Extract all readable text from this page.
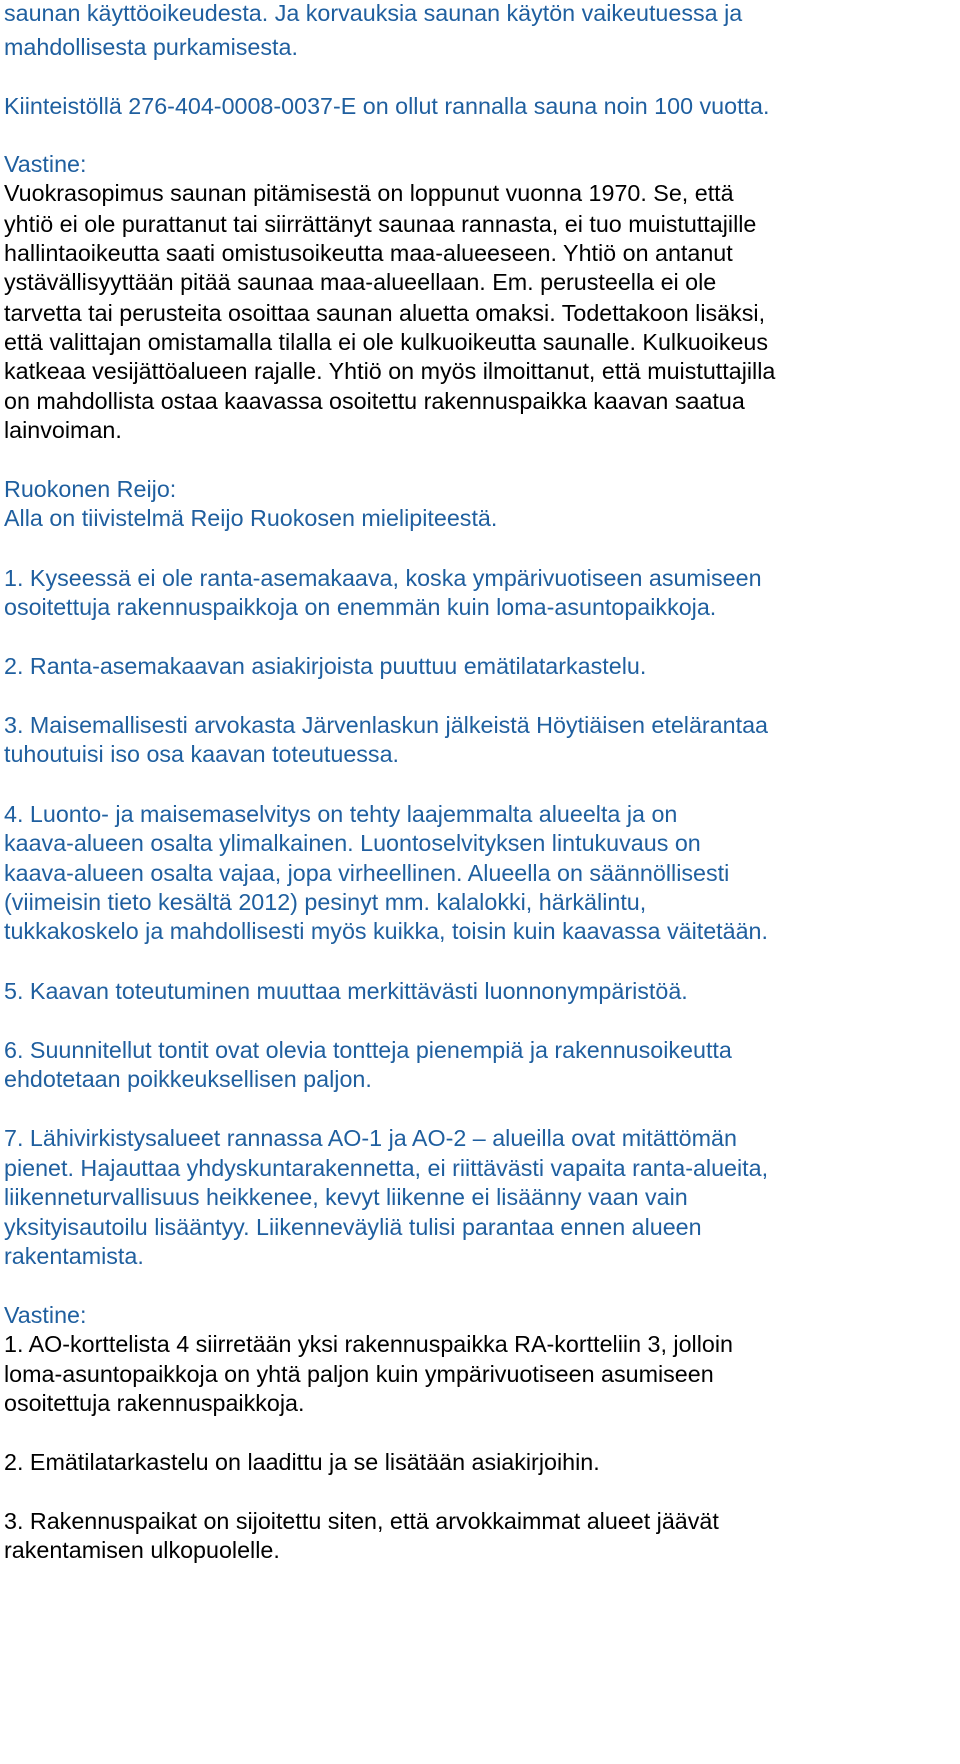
saunan käyttöoikeudesta. Ja korvauksia saunan käytön vaikeutuessa ja
mahdollisesta purkamisesta.
Kiinteistöllä 276-404-0008-0037-E on ollut rannalla sauna noin 100 vuotta.
Vastine:
Vuokrasopimus saunan pitämisestä on loppunut vuonna 1970. Se, että
yhtiö ei ole purattanut tai siirrättänyt saunaa rannasta, ei tuo muistuttajille
hallintaoikeutta saati omistusoikeutta maa-alueeseen. Yhtiö on antanut
ystävällisyyttään pitää saunaa maa-alueellaan. Em. perusteella ei ole
tarvetta tai perusteita osoittaa saunan aluetta omaksi. Todettakoon lisäksi,
että valittajan omistamalla tilalla ei ole kulkuoikeutta saunalle. Kulkuoikeus
katkeaa vesijättöalueen rajalle. Yhtiö on myös ilmoittanut, että muistuttajilla
on mahdollista ostaa kaavassa osoitettu rakennuspaikka kaavan saatua
lainvoiman.
Ruokonen Reijo:
Alla on tiivistelmä Reijo Ruokosen mielipiteestä.
1. Kyseessä ei ole ranta-asemakaava, koska ympärivuotiseen asumiseen
osoitettuja rakennuspaikkoja on enemmän kuin loma-asuntopaikkoja.
2. Ranta-asemakaavan asiakirjoista puuttuu emätilatarkastelu.
3. Maisemallisesti arvokasta Järvenlaskun jälkeistä Höytiäisen etelärantaa
tuhoutuisi iso osa kaavan toteutuessa.
4. Luonto- ja maisemaselvitys on tehty laajemmalta alueelta ja on
kaava-alueen osalta ylimalkainen. Luontoselvityksen lintukuvaus on
kaava-alueen osalta vajaa, jopa virheellinen. Alueella on säännöllisesti
(viimeisin tieto kesältä 2012) pesinyt mm. kalalokki, härkälintu,
tukkakoskelo ja mahdollisesti myös kuikka, toisin kuin kaavassa väitetään.
5. Kaavan toteutuminen muuttaa merkittävästi luonnonympäristöä.
6. Suunnitellut tontit ovat olevia tontteja pienempiä ja rakennusoikeutta
ehdotetaan poikkeuksellisen paljon.
7. Lähivirkistysalueet rannassa AO-1 ja AO-2 – alueilla ovat mitättömän
pienet. Hajauttaa yhdyskuntarakennetta, ei riittävästi vapaita ranta-alueita,
liikenneturvallisuus heikkenee, kevyt liikenne ei lisäänny vaan vain
yksityisautoilu lisääntyy. Liikenneväyliä tulisi parantaa ennen alueen
rakentamista.
Vastine:
1. AO-korttelista 4 siirretään yksi rakennuspaikka RA-kortteliin 3, jolloin
loma-asuntopaikkoja on yhtä paljon kuin ympärivuotiseen asumiseen
osoitettuja rakennuspaikkoja.
2. Emätilatarkastelu on laadittu ja se lisätään asiakirjoihin.
3. Rakennuspaikat on sijoitettu siten, että arvokkaimmat alueet jäävät
rakentamisen ulkopuolelle.
